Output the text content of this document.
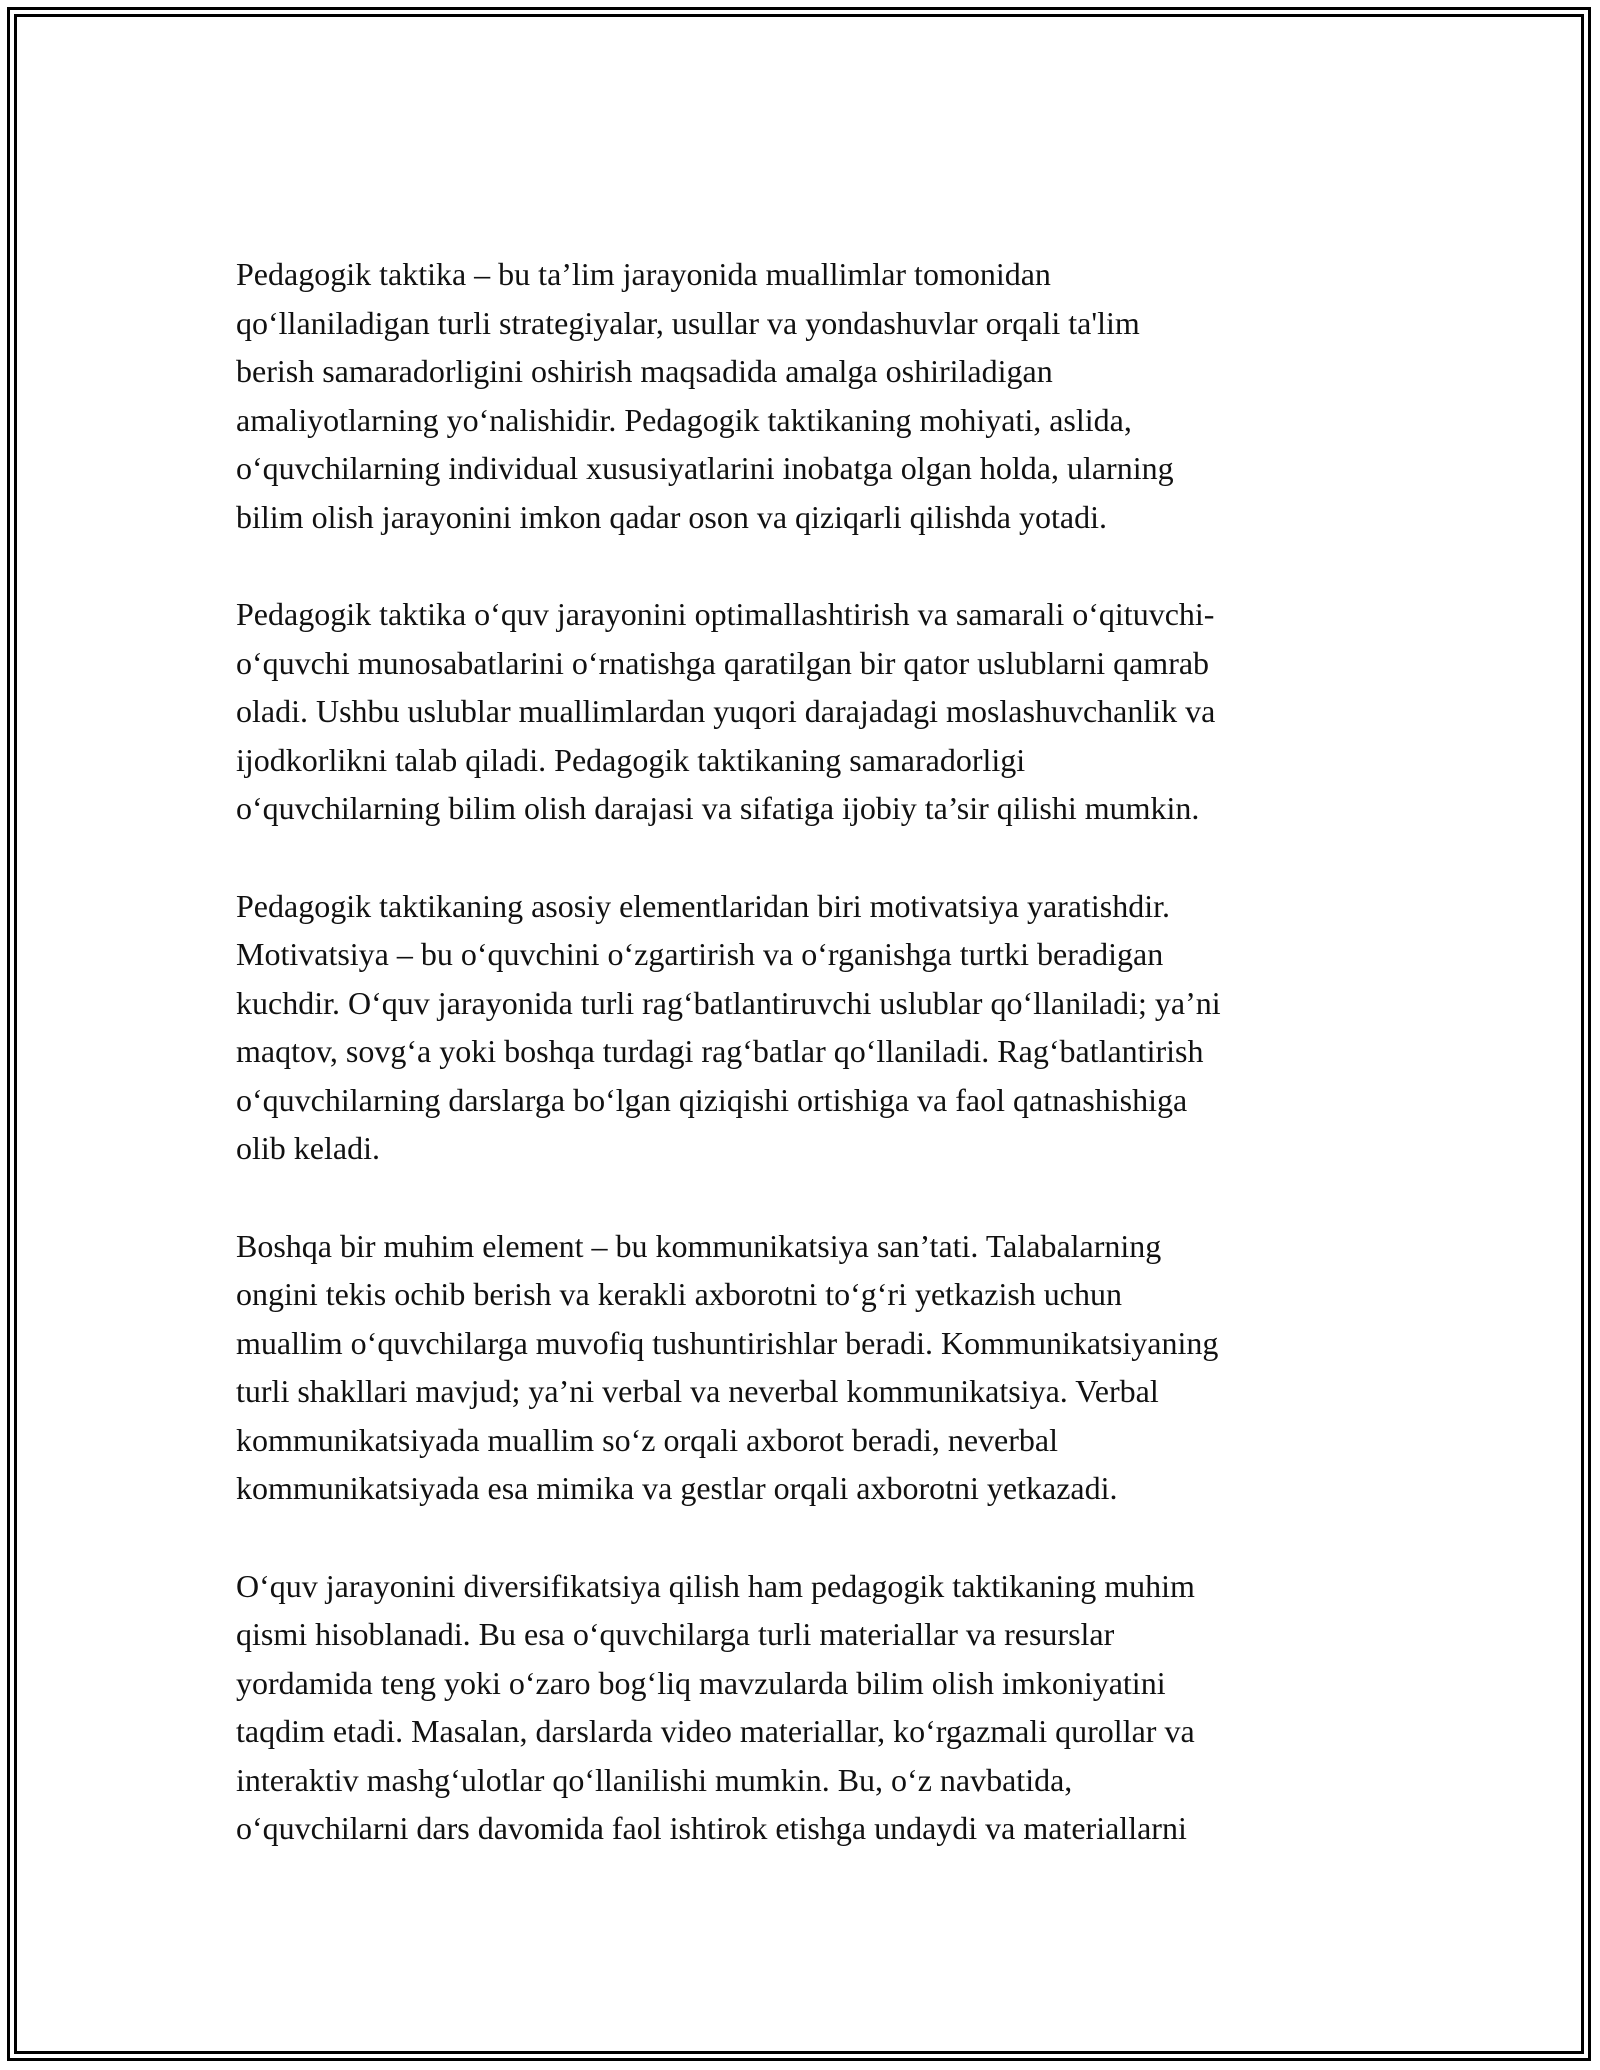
Pedagogik taktika – bu ta’lim jarayonida muallimlar tomonidan
qo‘llaniladigan turli strategiyalar, usullar va yondashuvlar orqali ta'lim
berish samaradorligini oshirish maqsadida amalga oshiriladigan
amaliyotlarning yo‘nalishidir. Pedagogik taktikaning mohiyati, aslida,
o‘quvchilarning individual xususiyatlarini inobatga olgan holda, ularning
bilim olish jarayonini imkon qadar oson va qiziqarli qilishda yotadi.
Pedagogik taktika o‘quv jarayonini optimallashtirish va samarali o‘qituvchi-
o‘quvchi munosabatlarini o‘rnatishga qaratilgan bir qator uslublarni qamrab
oladi. Ushbu uslublar muallimlardan yuqori darajadagi moslashuvchanlik va
ijodkorlikni talab qiladi. Pedagogik taktikaning samaradorligi
o‘quvchilarning bilim olish darajasi va sifatiga ijobiy ta’sir qilishi mumkin.
Pedagogik taktikaning asosiy elementlaridan biri motivatsiya yaratishdir.
Motivatsiya – bu o‘quvchini o‘zgartirish va o‘rganishga turtki beradigan
kuchdir. O‘quv jarayonida turli rag‘batlantiruvchi uslublar qo‘llaniladi; ya’ni
maqtov, sovg‘a yoki boshqa turdagi rag‘batlar qo‘llaniladi. Rag‘batlantirish
o‘quvchilarning darslarga bo‘lgan qiziqishi ortishiga va faol qatnashishiga
olib keladi.
Boshqa bir muhim element – bu kommunikatsiya san’tati. Talabalarning
ongini tekis ochib berish va kerakli axborotni to‘g‘ri yetkazish uchun
muallim o‘quvchilarga muvofiq tushuntirishlar beradi. Kommunikatsiyaning
turli shakllari mavjud; ya’ni verbal va neverbal kommunikatsiya. Verbal
kommunikatsiyada muallim so‘z orqali axborot beradi, neverbal
kommunikatsiyada esa mimika va gestlar orqali axborotni yetkazadi.
O‘quv jarayonini diversifikatsiya qilish ham pedagogik taktikaning muhim
qismi hisoblanadi. Bu esa o‘quvchilarga turli materiallar va resurslar
yordamida teng yoki o‘zaro bog‘liq mavzularda bilim olish imkoniyatini
taqdim etadi. Masalan, darslarda video materiallar, ko‘rgazmali qurollar va
interaktiv mashg‘ulotlar qo‘llanilishi mumkin. Bu, o‘z navbatida,
o‘quvchilarni dars davomida faol ishtirok etishga undaydi va materiallarni
